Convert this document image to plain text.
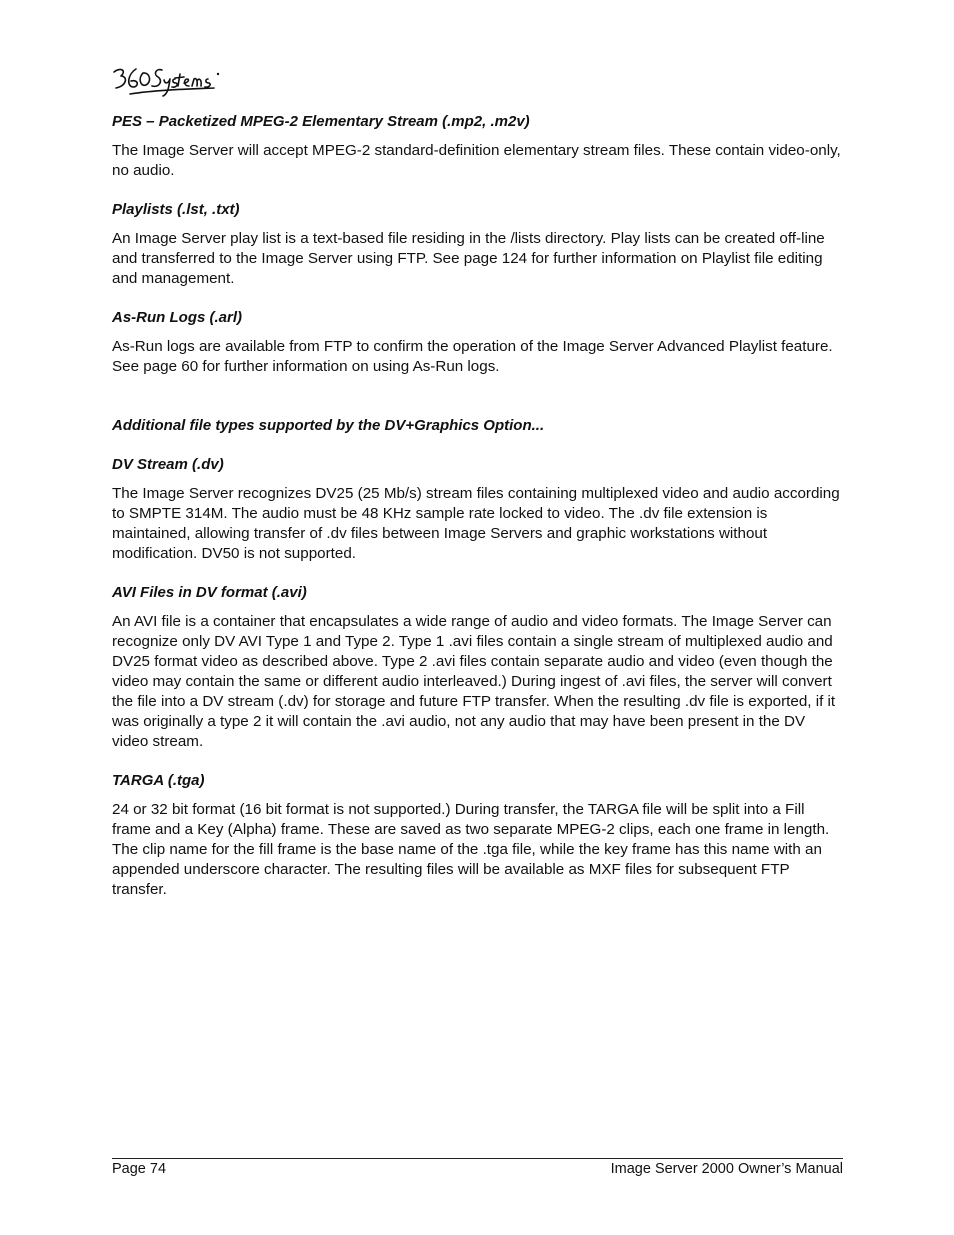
PES – Packetized MPEG-2 Elementary Stream (.mp2, .m2v)

The Image Server will accept MPEG-2 standard-definition elementary stream files. These contain video-only, no audio.

Playlists (.lst, .txt)

An Image Server play list is a text-based file residing in the /lists directory. Play lists can be created off-line and transferred to the Image Server using FTP. See page 124 for further information on Playlist file editing and management.

As-Run Logs (.arl)

As-Run logs are available from FTP to confirm the operation of the Image Server Advanced Playlist feature. See page 60 for further information on using As-Run logs.

Additional file types supported by the DV+Graphics Option...

DV Stream (.dv)

The Image Server recognizes DV25 (25 Mb/s) stream files containing multiplexed video and audio according to SMPTE 314M. The audio must be 48 KHz sample rate locked to video. The .dv file extension is maintained, allowing transfer of .dv files between Image Servers and graphic workstations without modification. DV50 is not supported.

AVI Files in DV format (.avi)

An AVI file is a container that encapsulates a wide range of audio and video formats. The Image Server can recognize only DV AVI Type 1 and Type 2. Type 1 .avi files contain a single stream of multiplexed audio and DV25 format video as described above. Type 2 .avi files contain separate audio and video (even though the video may contain the same or different audio interleaved.) During ingest of .avi files, the server will convert the file into a DV stream (.dv) for storage and future FTP transfer. When the resulting .dv file is exported, if it was originally a type 2 it will contain the .avi audio, not any audio that may have been present in the DV video stream.

TARGA (.tga)

24 or 32 bit format (16 bit format is not supported.) During transfer, the TARGA file will be split into a Fill frame and a Key (Alpha) frame. These are saved as two separate MPEG-2 clips, each one frame in length. The clip name for the fill frame is the base name of the .tga file, while the key frame has this name with an appended underscore character. The resulting files will be available as MXF files for subsequent FTP transfer.

Page 74	Image Server 2000 Owner’s Manual
